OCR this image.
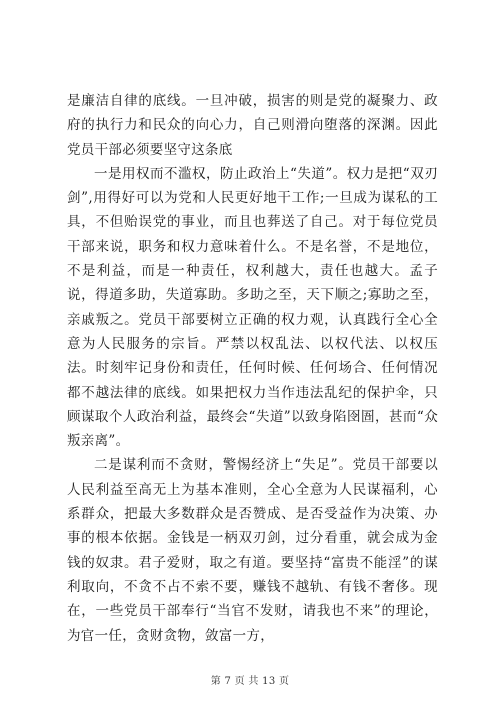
是廉洁自律的底线。一旦冲破，损害的则是党的凝聚力、政府的执行力和民众的向心力，自己则滑向堕落的深渊。因此党员干部必须要坚守这条底

一是用权而不滥权，防止政治上“失道”。权力是把“双刃剑”,用得好可以为党和人民更好地干工作;一旦成为谋私的工具，不但贻误党的事业，而且也葬送了自己。对于每位党员干部来说，职务和权力意味着什么。不是名誉，不是地位，不是利益，而是一种责任，权利越大，责任也越大。孟子说，得道多助，失道寡助。多助之至，天下顺之;寡助之至，亲戚叛之。党员干部要树立正确的权力观，认真践行全心全意为人民服务的宗旨。严禁以权乱法、以权代法、以权压法。时刻牢记身份和责任，任何时候、任何场合、任何情况都不越法律的底线。如果把权力当作违法乱纪的保护伞，只顾谋取个人政治利益，最终会“失道”以致身陷囹圄，甚而“众叛亲离”。

二是谋利而不贪财，警惕经济上“失足”。党员干部要以人民利益至高无上为基本准则，全心全意为人民谋福利，心系群众，把最大多数群众是否赞成、是否受益作为决策、办事的根本依据。金钱是一柄双刃剑，过分看重，就会成为金钱的奴隶。君子爱财，取之有道。要坚持“富贵不能淫”的谋利取向，不贪不占不索不要，赚钱不越轨、有钱不奢侈。现在，一些党员干部奉行“当官不发财，请我也不来”的理论，为官一任，贪财贪物，敛富一方，

第 7 页 共 13 页
